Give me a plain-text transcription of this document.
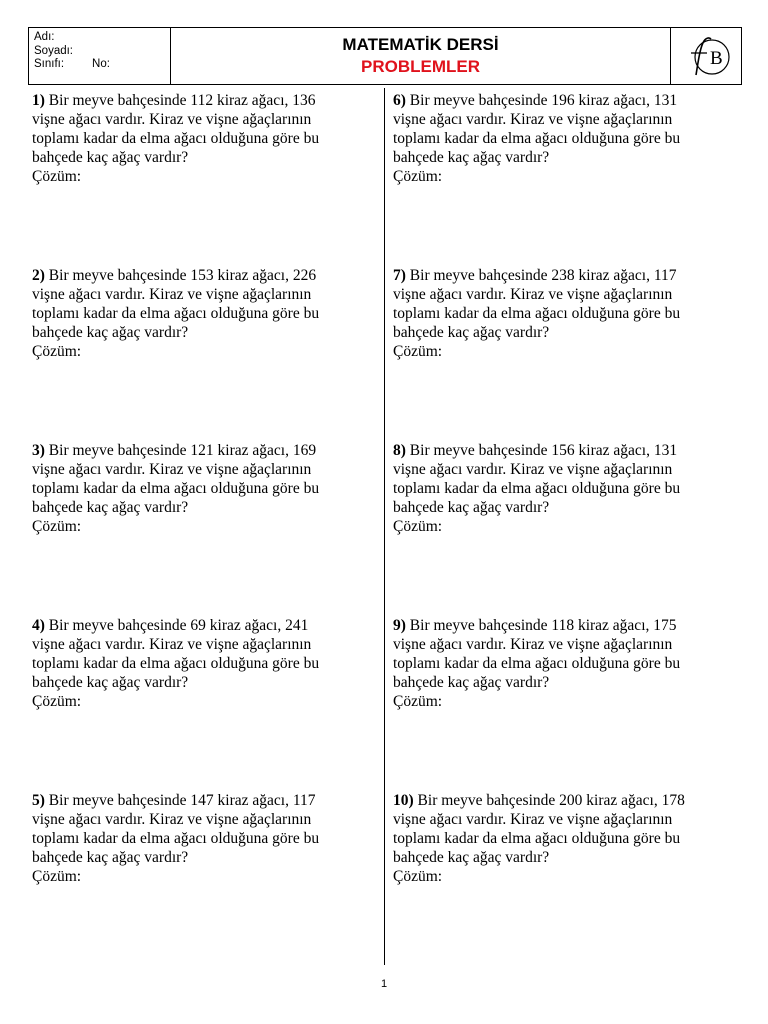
Adı:
Soyadı:
Sınıfı: No:
MATEMATİK DERSİ
PROBLEMLER	B
1) Bir meyve bahçesinde 112 kiraz ağacı, 136
vişne ağacı vardır. Kiraz ve vişne ağaçlarının
toplamı kadar da elma ağacı olduğuna göre bu
bahçede kaç ağaç vardır?
Çözüm:
2) Bir meyve bahçesinde 153 kiraz ağacı, 226
vişne ağacı vardır. Kiraz ve vişne ağaçlarının
toplamı kadar da elma ağacı olduğuna göre bu
bahçede kaç ağaç vardır?
Çözüm:
3) Bir meyve bahçesinde 121 kiraz ağacı, 169
vişne ağacı vardır. Kiraz ve vişne ağaçlarının
toplamı kadar da elma ağacı olduğuna göre bu
bahçede kaç ağaç vardır?
Çözüm:
4) Bir meyve bahçesinde 69 kiraz ağacı, 241
vişne ağacı vardır. Kiraz ve vişne ağaçlarının
toplamı kadar da elma ağacı olduğuna göre bu
bahçede kaç ağaç vardır?
Çözüm:
5) Bir meyve bahçesinde 147 kiraz ağacı, 117
vişne ağacı vardır. Kiraz ve vişne ağaçlarının
toplamı kadar da elma ağacı olduğuna göre bu
bahçede kaç ağaç vardır?
Çözüm:
6) Bir meyve bahçesinde 196 kiraz ağacı, 131
vişne ağacı vardır. Kiraz ve vişne ağaçlarının
toplamı kadar da elma ağacı olduğuna göre bu
bahçede kaç ağaç vardır?
Çözüm:
7) Bir meyve bahçesinde 238 kiraz ağacı, 117
vişne ağacı vardır. Kiraz ve vişne ağaçlarının
toplamı kadar da elma ağacı olduğuna göre bu
bahçede kaç ağaç vardır?
Çözüm:
8) Bir meyve bahçesinde 156 kiraz ağacı, 131
vişne ağacı vardır. Kiraz ve vişne ağaçlarının
toplamı kadar da elma ağacı olduğuna göre bu
bahçede kaç ağaç vardır?
Çözüm:
9) Bir meyve bahçesinde 118 kiraz ağacı, 175
vişne ağacı vardır. Kiraz ve vişne ağaçlarının
toplamı kadar da elma ağacı olduğuna göre bu
bahçede kaç ağaç vardır?
Çözüm:
10) Bir meyve bahçesinde 200 kiraz ağacı, 178
vişne ağacı vardır. Kiraz ve vişne ağaçlarının
toplamı kadar da elma ağacı olduğuna göre bu
bahçede kaç ağaç vardır?
Çözüm:
1
